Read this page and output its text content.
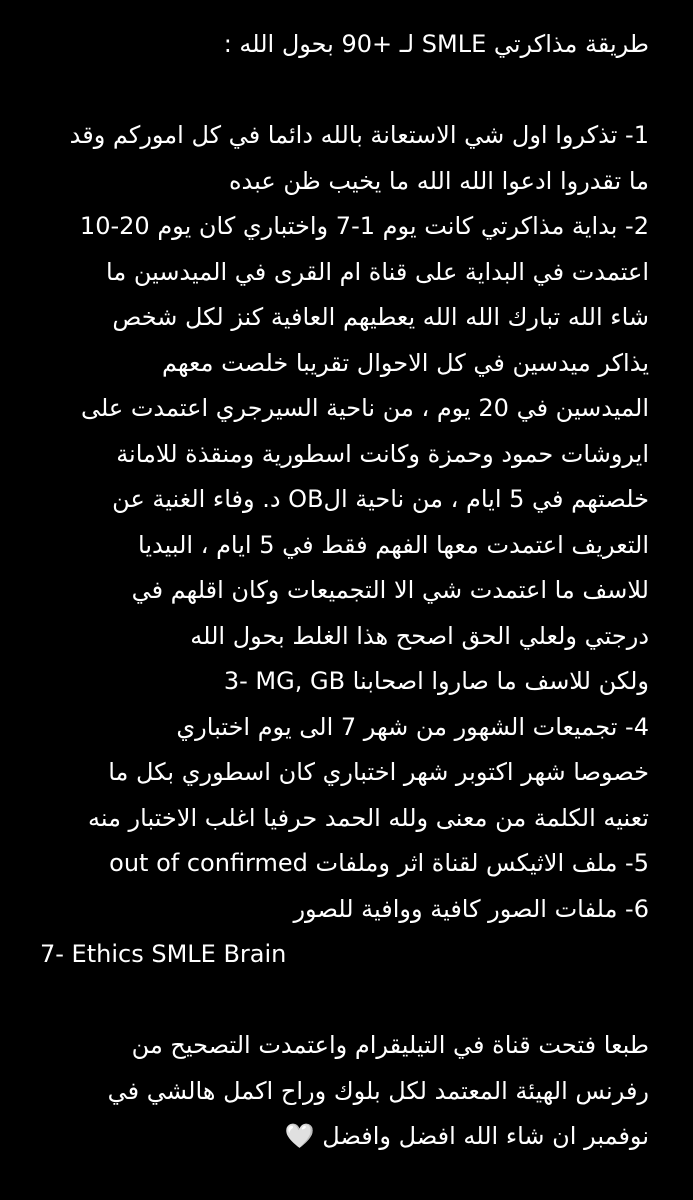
طريقة مذاكرتي SMLE لـ +90 بحول الله :
1- تذكروا اول شي الاستعانة بالله دائما في كل اموركم وقد
ما تقدروا ادعوا الله الله ما يخيب ظن عبده
2- بداية مذاكرتي كانت يوم 1-7 واختباري كان يوم 20-10
اعتمدت في البداية على قناة ام القرى في الميدسين ما
شاء الله تبارك الله الله يعطيهم العافية كنز لكل شخص
يذاكر ميدسين في كل الاحوال تقريبا خلصت معهم
الميدسين في 20 يوم ، من ناحية السيرجري اعتمدت على
ايروشات حمود وحمزة وكانت اسطورية ومنقذة للامانة
خلصتهم في 5 ايام ، من ناحية الOB د. وفاء الغنية عن
التعريف اعتمدت معها الفهم فقط في 5 ايام ، البيديا
للاسف ما اعتمدت شي الا التجميعات وكان اقلهم في
درجتي ولعلي الحق اصحح هذا الغلط بحول الله
3- MG, GB ولكن للاسف ما صاروا اصحابنا
4- تجميعات الشهور من شهر 7 الى يوم اختباري
خصوصا شهر اكتوبر شهر اختباري كان اسطوري بكل ما
تعنيه الكلمة من معنى ولله الحمد حرفيا اغلب الاختبار منه
5- ملف الاثيكس لقناة اثر وملفات out of confirmed
6- ملفات الصور كافية ووافية للصور
7- Ethics SMLE Brain
طبعا فتحت قناة في التيليقرام واعتمدت التصحيح من
رفرنس الهيئة المعتمد لكل بلوك وراح اكمل هالشي في
نوفمبر ان شاء الله افضل وافضل 🤍
